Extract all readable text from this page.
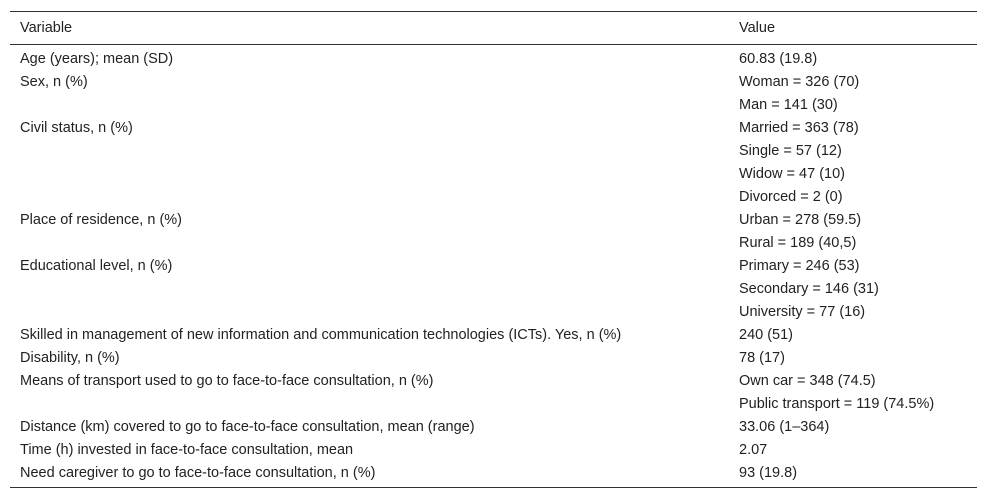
Variable	Value
Age (years); mean (SD)	60.83 (19.8)
Sex, n (%)	Woman = 326 (70)
	Man = 141 (30)
Civil status, n (%)	Married = 363 (78)
	Single = 57 (12)
	Widow = 47 (10)
	Divorced = 2 (0)
Place of residence, n (%)	Urban = 278 (59.5)
	Rural = 189 (40,5)
Educational level, n (%)	Primary = 246 (53)
	Secondary = 146 (31)
	University = 77 (16)
Skilled in management of new information and communication technologies (ICTs). Yes, n (%)	240 (51)
Disability, n (%)	78 (17)
Means of transport used to go to face-to-face consultation, n (%)	Own car = 348 (74.5)
	Public transport = 119 (74.5%)
Distance (km) covered to go to face-to-face consultation, mean (range)	33.06 (1–364)
Time (h) invested in face-to-face consultation, mean	2.07
Need caregiver to go to face-to-face consultation, n (%)	93 (19.8)
